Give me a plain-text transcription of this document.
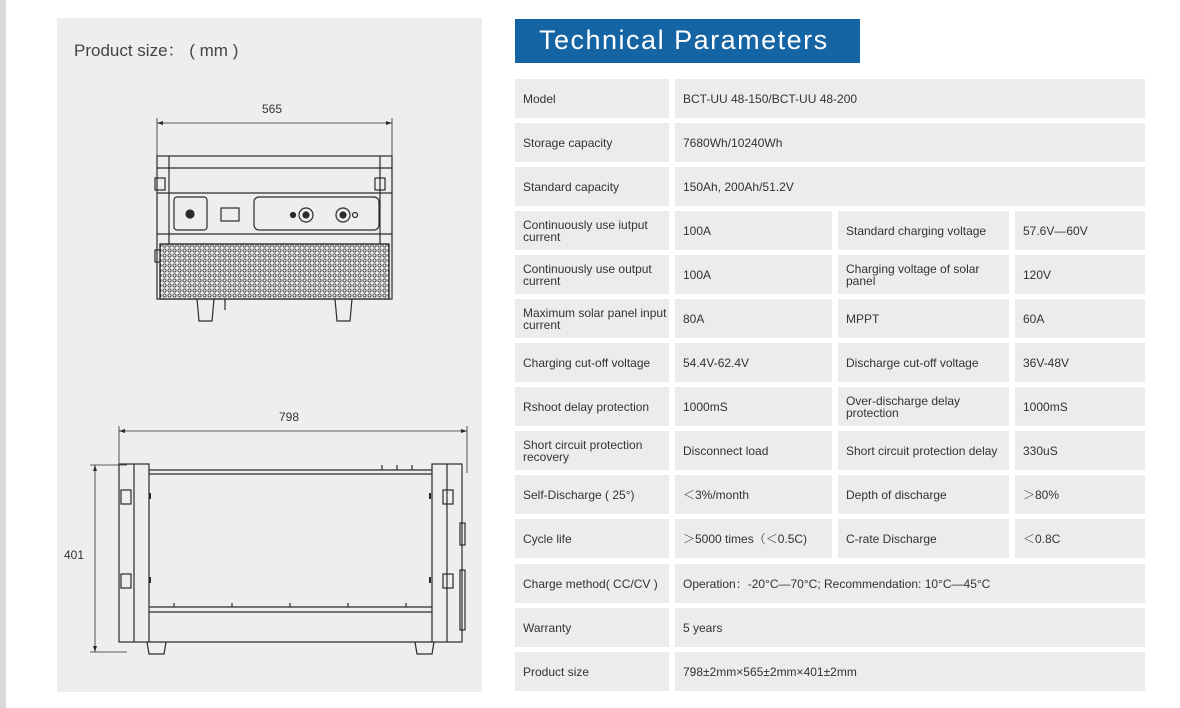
Product size： ( mm )
565
798
401
Technical Parameters
Model	BCT-UU 48-150/BCT-UU 48-200
Storage capacity	7680Wh/10240Wh
Standard capacity	150Ah, 200Ah/51.2V
Continuously use iutput current	100A	Standard charging voltage	57.6V—60V
Continuously use output current	100A	Charging voltage of solar panel	120V
Maximum solar panel input current	80A	MPPT	60A
Charging cut-off voltage	54.4V-62.4V	Discharge cut-off voltage	36V-48V
Rshoot delay protection	1000mS	Over-discharge delay protection	1000mS
Short circuit protection recovery	Disconnect load	Short circuit protection delay	330uS
Self-Discharge ( 25°)	＜3%/month	Depth of discharge	＞80%
Cycle life	＞5000 times（＜0.5C)	C-rate Discharge	＜0.8C
Charge method( CC/CV )	Operation：-20°C—70°C; Recommendation: 10°C—45°C
Warranty	5 years
Product size	798±2mm×565±2mm×401±2mm
